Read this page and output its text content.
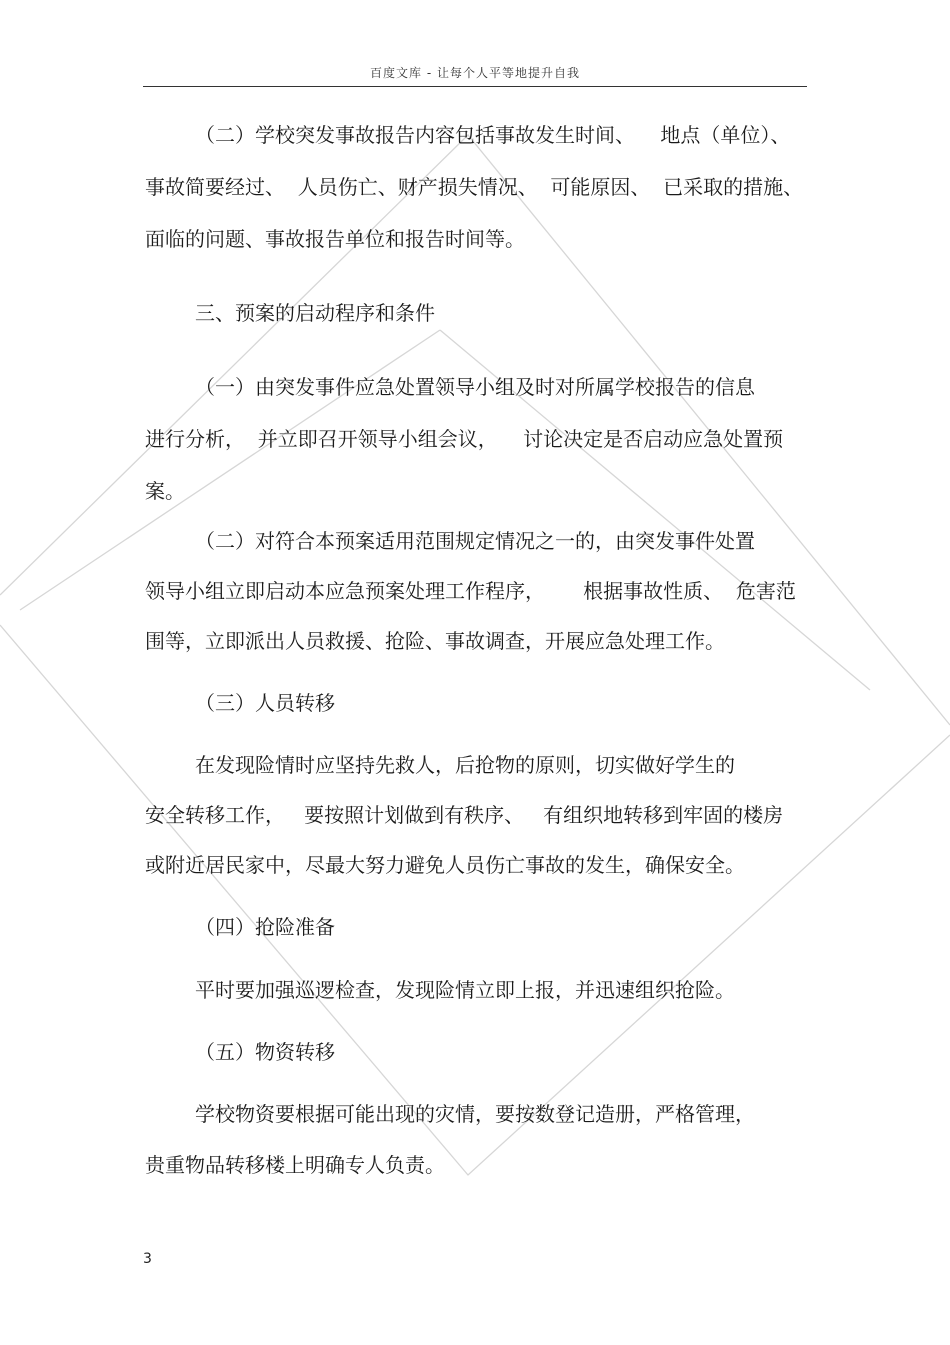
百度文库 - 让每个人平等地提升自我
（二）学校突发事故报告内容包括事故发生时间、    地点（单位）、
事故简要经过、  人员伤亡、财产损失情况、  可能原因、  已采取的措施、
面临的问题、事故报告单位和报告时间等。
三、预案的启动程序和条件
（一）由突发事件应急处置领导小组及时对所属学校报告的信息
进行分析，  并立即召开领导小组会议，    讨论决定是否启动应急处置预
案。
（二）对符合本预案适用范围规定情况之一的，由突发事件处置
领导小组立即启动本应急预案处理工作程序，      根据事故性质、  危害范
围等，立即派出人员救援、抢险、事故调查，开展应急处理工作。
（三）人员转移
在发现险情时应坚持先救人，后抢物的原则，切实做好学生的
安全转移工作，   要按照计划做到有秩序、   有组织地转移到牢固的楼房
或附近居民家中，尽最大努力避免人员伤亡事故的发生，确保安全。
（四）抢险准备
平时要加强巡逻检查，发现险情立即上报，并迅速组织抢险。
（五）物资转移
学校物资要根据可能出现的灾情，要按数登记造册，严格管理，
贵重物品转移楼上明确专人负责。
3
